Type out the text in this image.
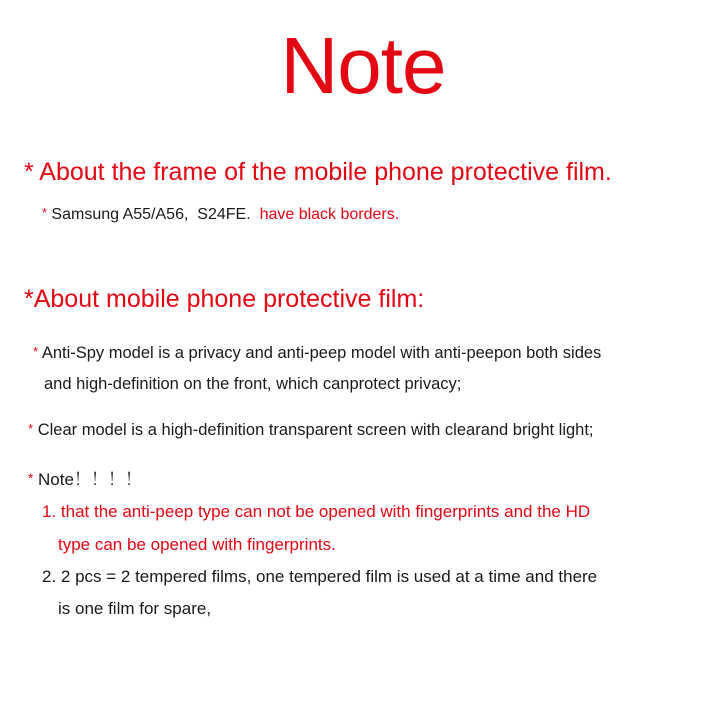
Note
* About the frame of the mobile phone protective film.
* Samsung A55/A56,  S24FE. have black borders.
*About mobile phone protective film:
* Anti-Spy model is a privacy and anti-peep model with anti-peepon both sides
and high-definition on the front, which canprotect privacy;
* Clear model is a high-definition transparent screen with clearand bright light;
* Note！！！！
1. that the anti-peep type can not be opened with fingerprints and the HD
type can be opened with fingerprints.
2. 2 pcs = 2 tempered films, one tempered film is used at a time and there
is one film for spare,
